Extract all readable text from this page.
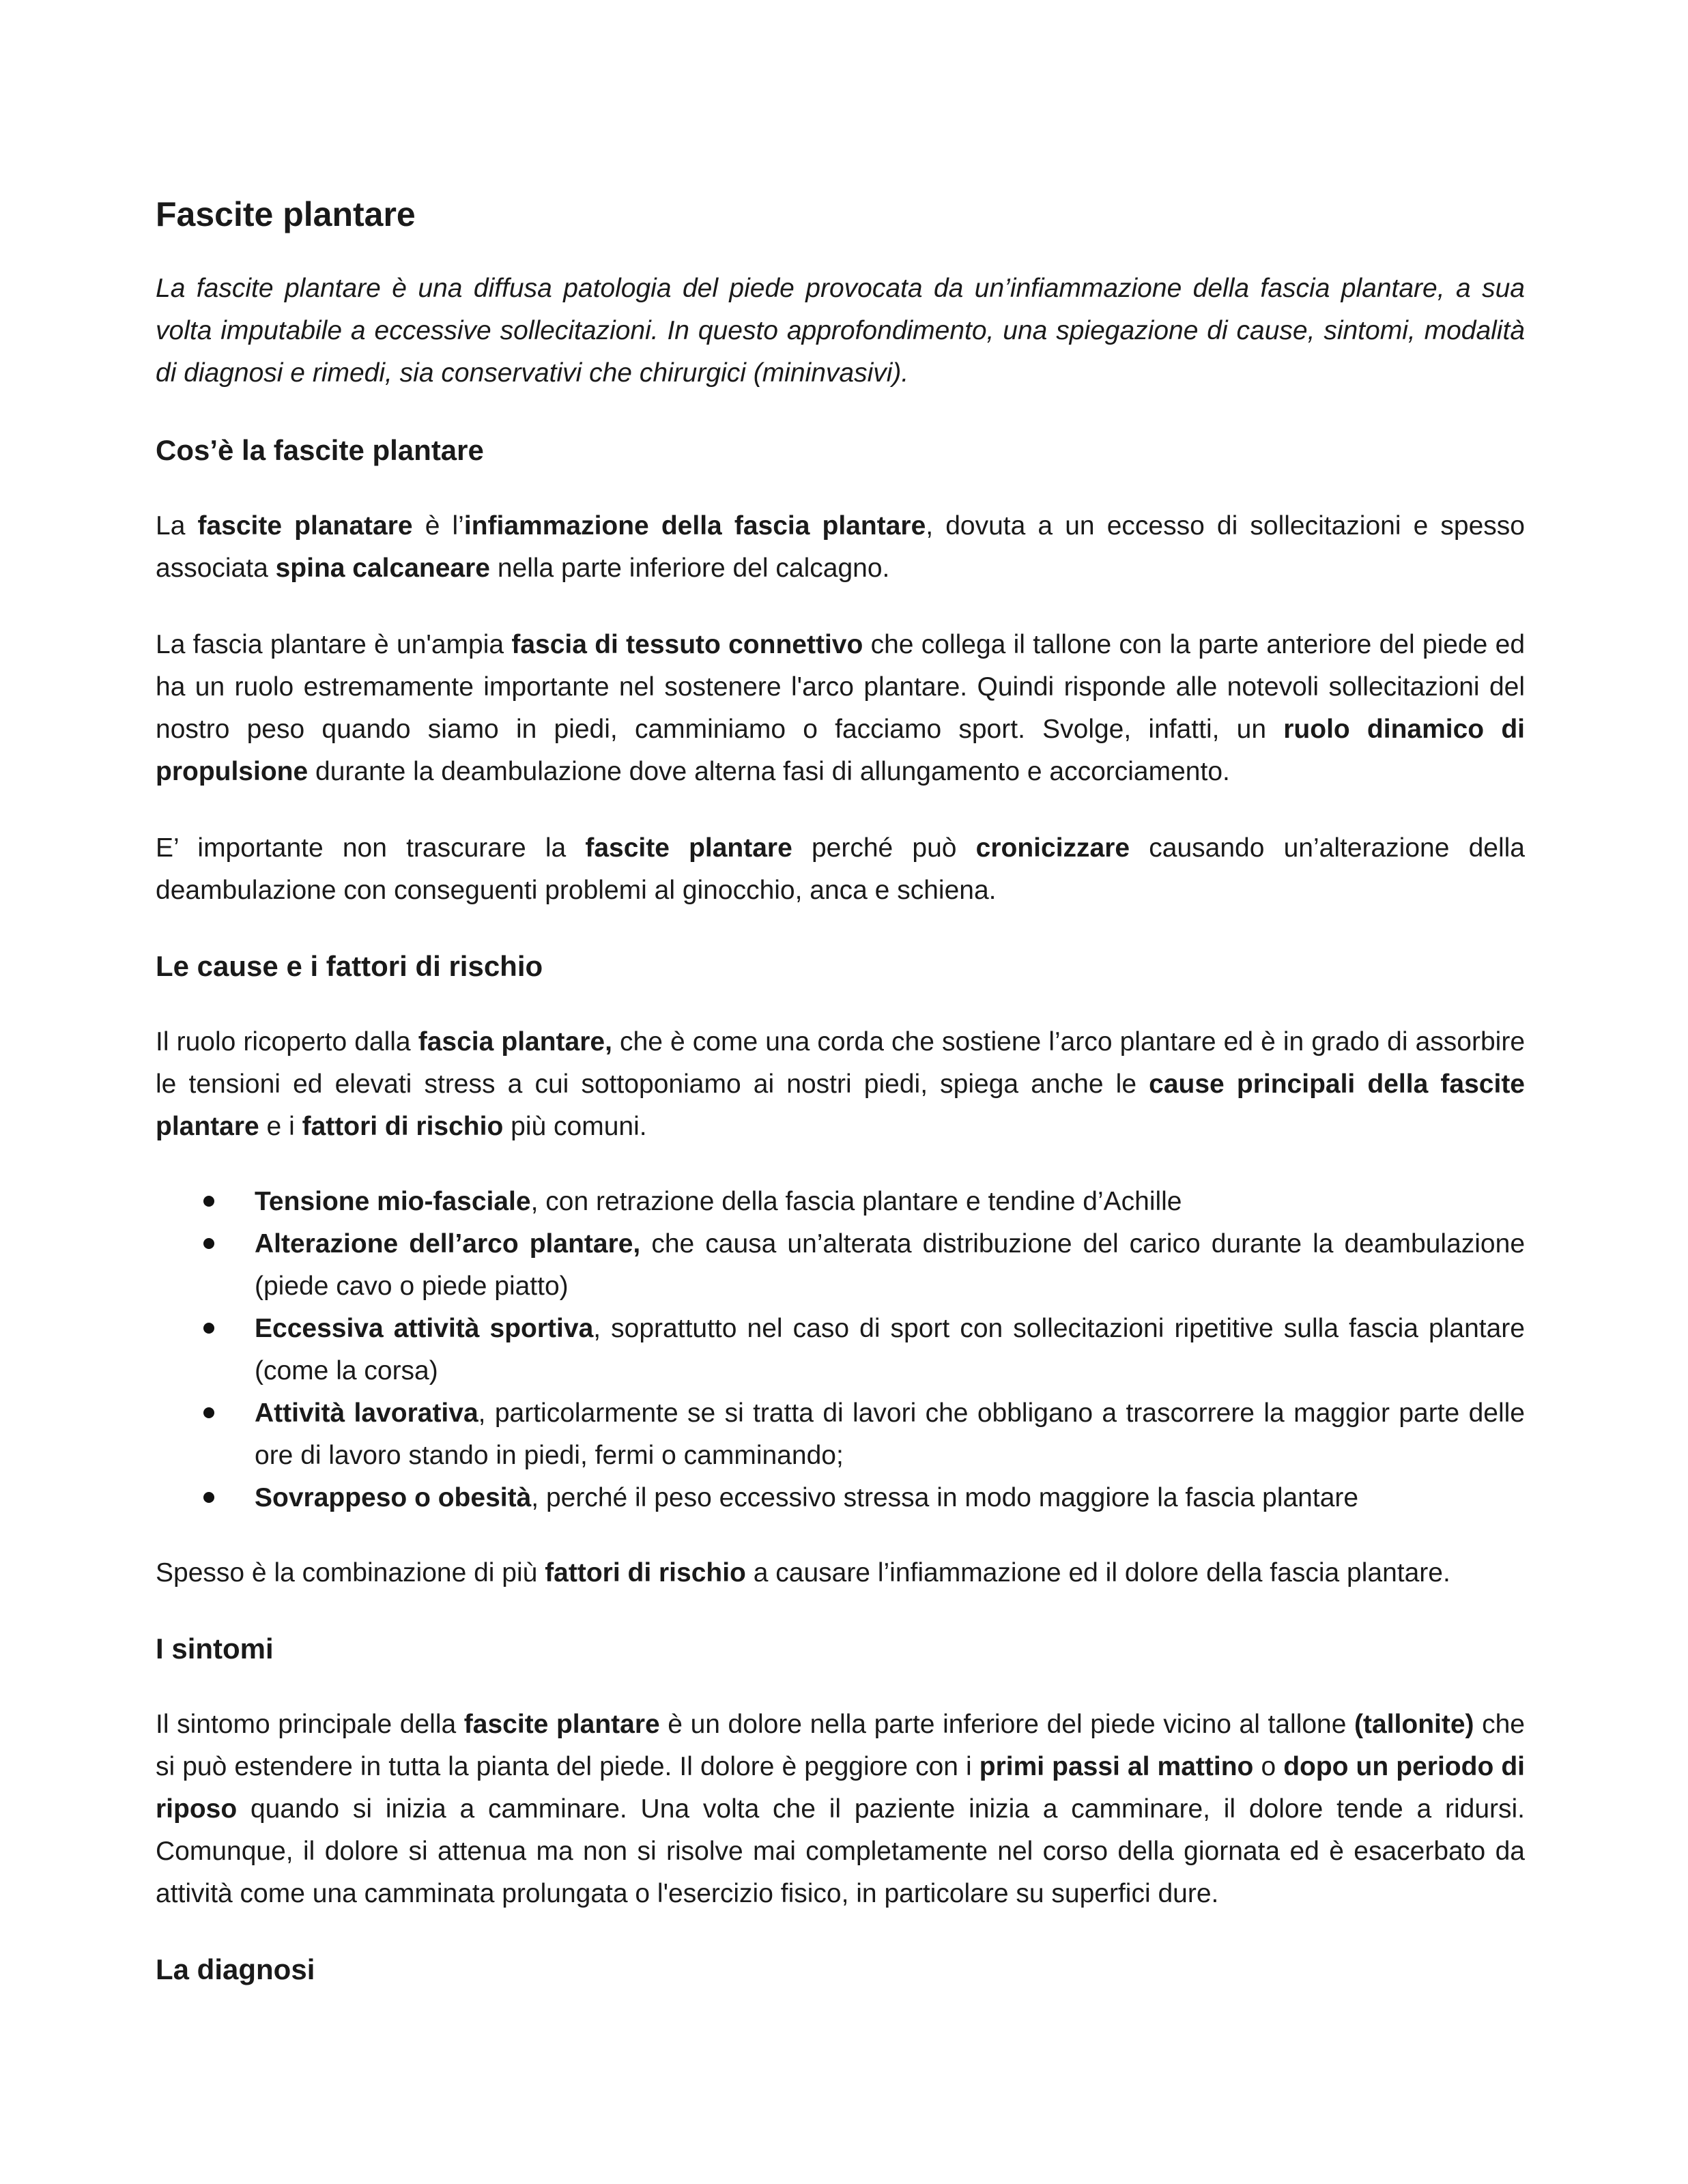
Fascite plantare

La fascite plantare è una diffusa patologia del piede provocata da un’infiammazione della fascia plantare, a sua volta imputabile a eccessive sollecitazioni. In questo approfondimento, una spiegazione di cause, sintomi, modalità di diagnosi e rimedi, sia conservativi che chirurgici (mininvasivi).

Cos’è la fascite plantare

La fascite planatare è l’infiammazione della fascia plantare, dovuta a un eccesso di sollecitazioni e spesso associata spina calcaneare nella parte inferiore del calcagno.

La fascia plantare è un'ampia fascia di tessuto connettivo che collega il tallone con la parte anteriore del piede ed ha un ruolo estremamente importante nel sostenere l'arco plantare. Quindi risponde alle notevoli sollecitazioni del nostro peso quando siamo in piedi, camminiamo o facciamo sport. Svolge, infatti, un ruolo dinamico di propulsione durante la deambulazione dove alterna fasi di allungamento e accorciamento.

E’ importante non trascurare la fascite plantare perché può cronicizzare causando un’alterazione della deambulazione con conseguenti problemi al ginocchio, anca e schiena.

Le cause e i fattori di rischio

Il ruolo ricoperto dalla fascia plantare, che è come una corda che sostiene l’arco plantare ed è in grado di assorbire le tensioni ed elevati stress a cui sottoponiamo ai nostri piedi, spiega anche le cause principali della fascite plantare e i fattori di rischio più comuni.

Tensione mio-fasciale, con retrazione della fascia plantare e tendine d’Achille
Alterazione dell’arco plantare, che causa un’alterata distribuzione del carico durante la deambulazione (piede cavo o piede piatto)
Eccessiva attività sportiva, soprattutto nel caso di sport con sollecitazioni ripetitive sulla fascia plantare (come la corsa)
Attività lavorativa, particolarmente se si tratta di lavori che obbligano a trascorrere la maggior parte delle ore di lavoro stando in piedi, fermi o camminando;
Sovrappeso o obesità, perché il peso eccessivo stressa in modo maggiore la fascia plantare

Spesso è la combinazione di più fattori di rischio a causare l’infiammazione ed il dolore della fascia plantare.

I sintomi

Il sintomo principale della fascite plantare è un dolore nella parte inferiore del piede vicino al tallone (tallonite) che si può estendere in tutta la pianta del piede. Il dolore è peggiore con i primi passi al mattino o dopo un periodo di riposo quando si inizia a camminare. Una volta che il paziente inizia a camminare, il dolore tende a ridursi. Comunque, il dolore si attenua ma non si risolve mai completamente nel corso della giornata ed è esacerbato da attività come una camminata prolungata o l'esercizio fisico, in particolare su superfici dure.

La diagnosi
